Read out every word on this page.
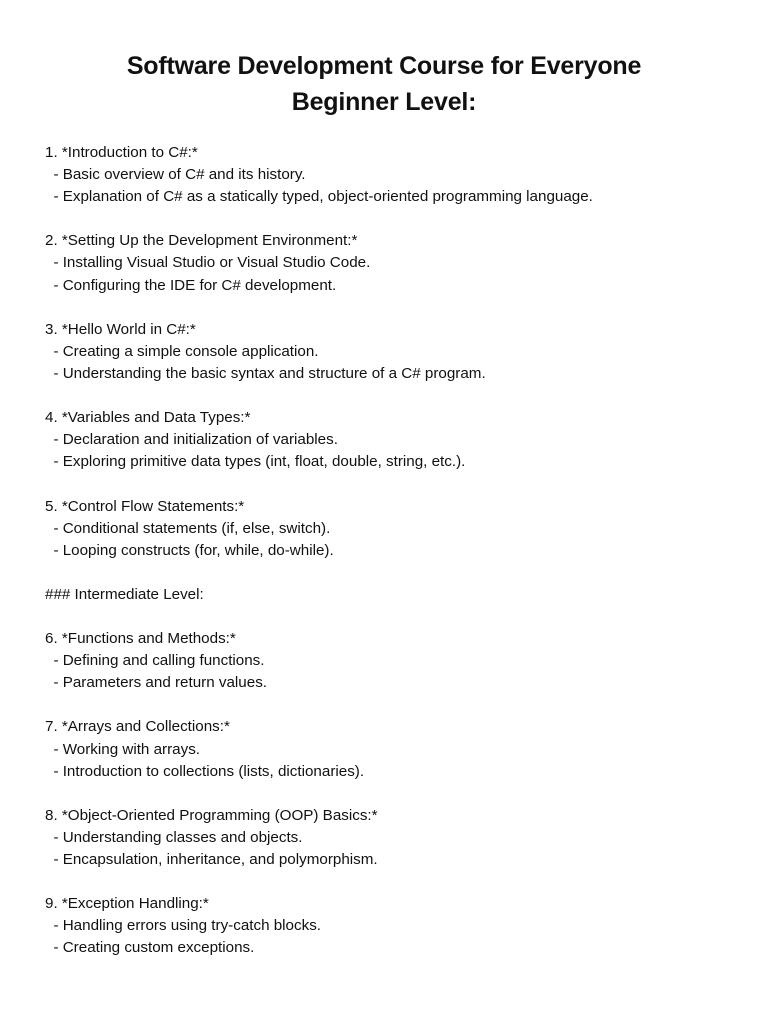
Software Development Course for Everyone
Beginner Level:
1. *Introduction to C#:*
- Basic overview of C# and its history.
- Explanation of C# as a statically typed, object-oriented programming language.
2. *Setting Up the Development Environment:*
- Installing Visual Studio or Visual Studio Code.
- Configuring the IDE for C# development.
3. *Hello World in C#:*
- Creating a simple console application.
- Understanding the basic syntax and structure of a C# program.
4. *Variables and Data Types:*
- Declaration and initialization of variables.
- Exploring primitive data types (int, float, double, string, etc.).
5. *Control Flow Statements:*
- Conditional statements (if, else, switch).
- Looping constructs (for, while, do-while).
### Intermediate Level:
6. *Functions and Methods:*
- Defining and calling functions.
- Parameters and return values.
7. *Arrays and Collections:*
- Working with arrays.
- Introduction to collections (lists, dictionaries).
8. *Object-Oriented Programming (OOP) Basics:*
- Understanding classes and objects.
- Encapsulation, inheritance, and polymorphism.
9. *Exception Handling:*
- Handling errors using try-catch blocks.
- Creating custom exceptions.
